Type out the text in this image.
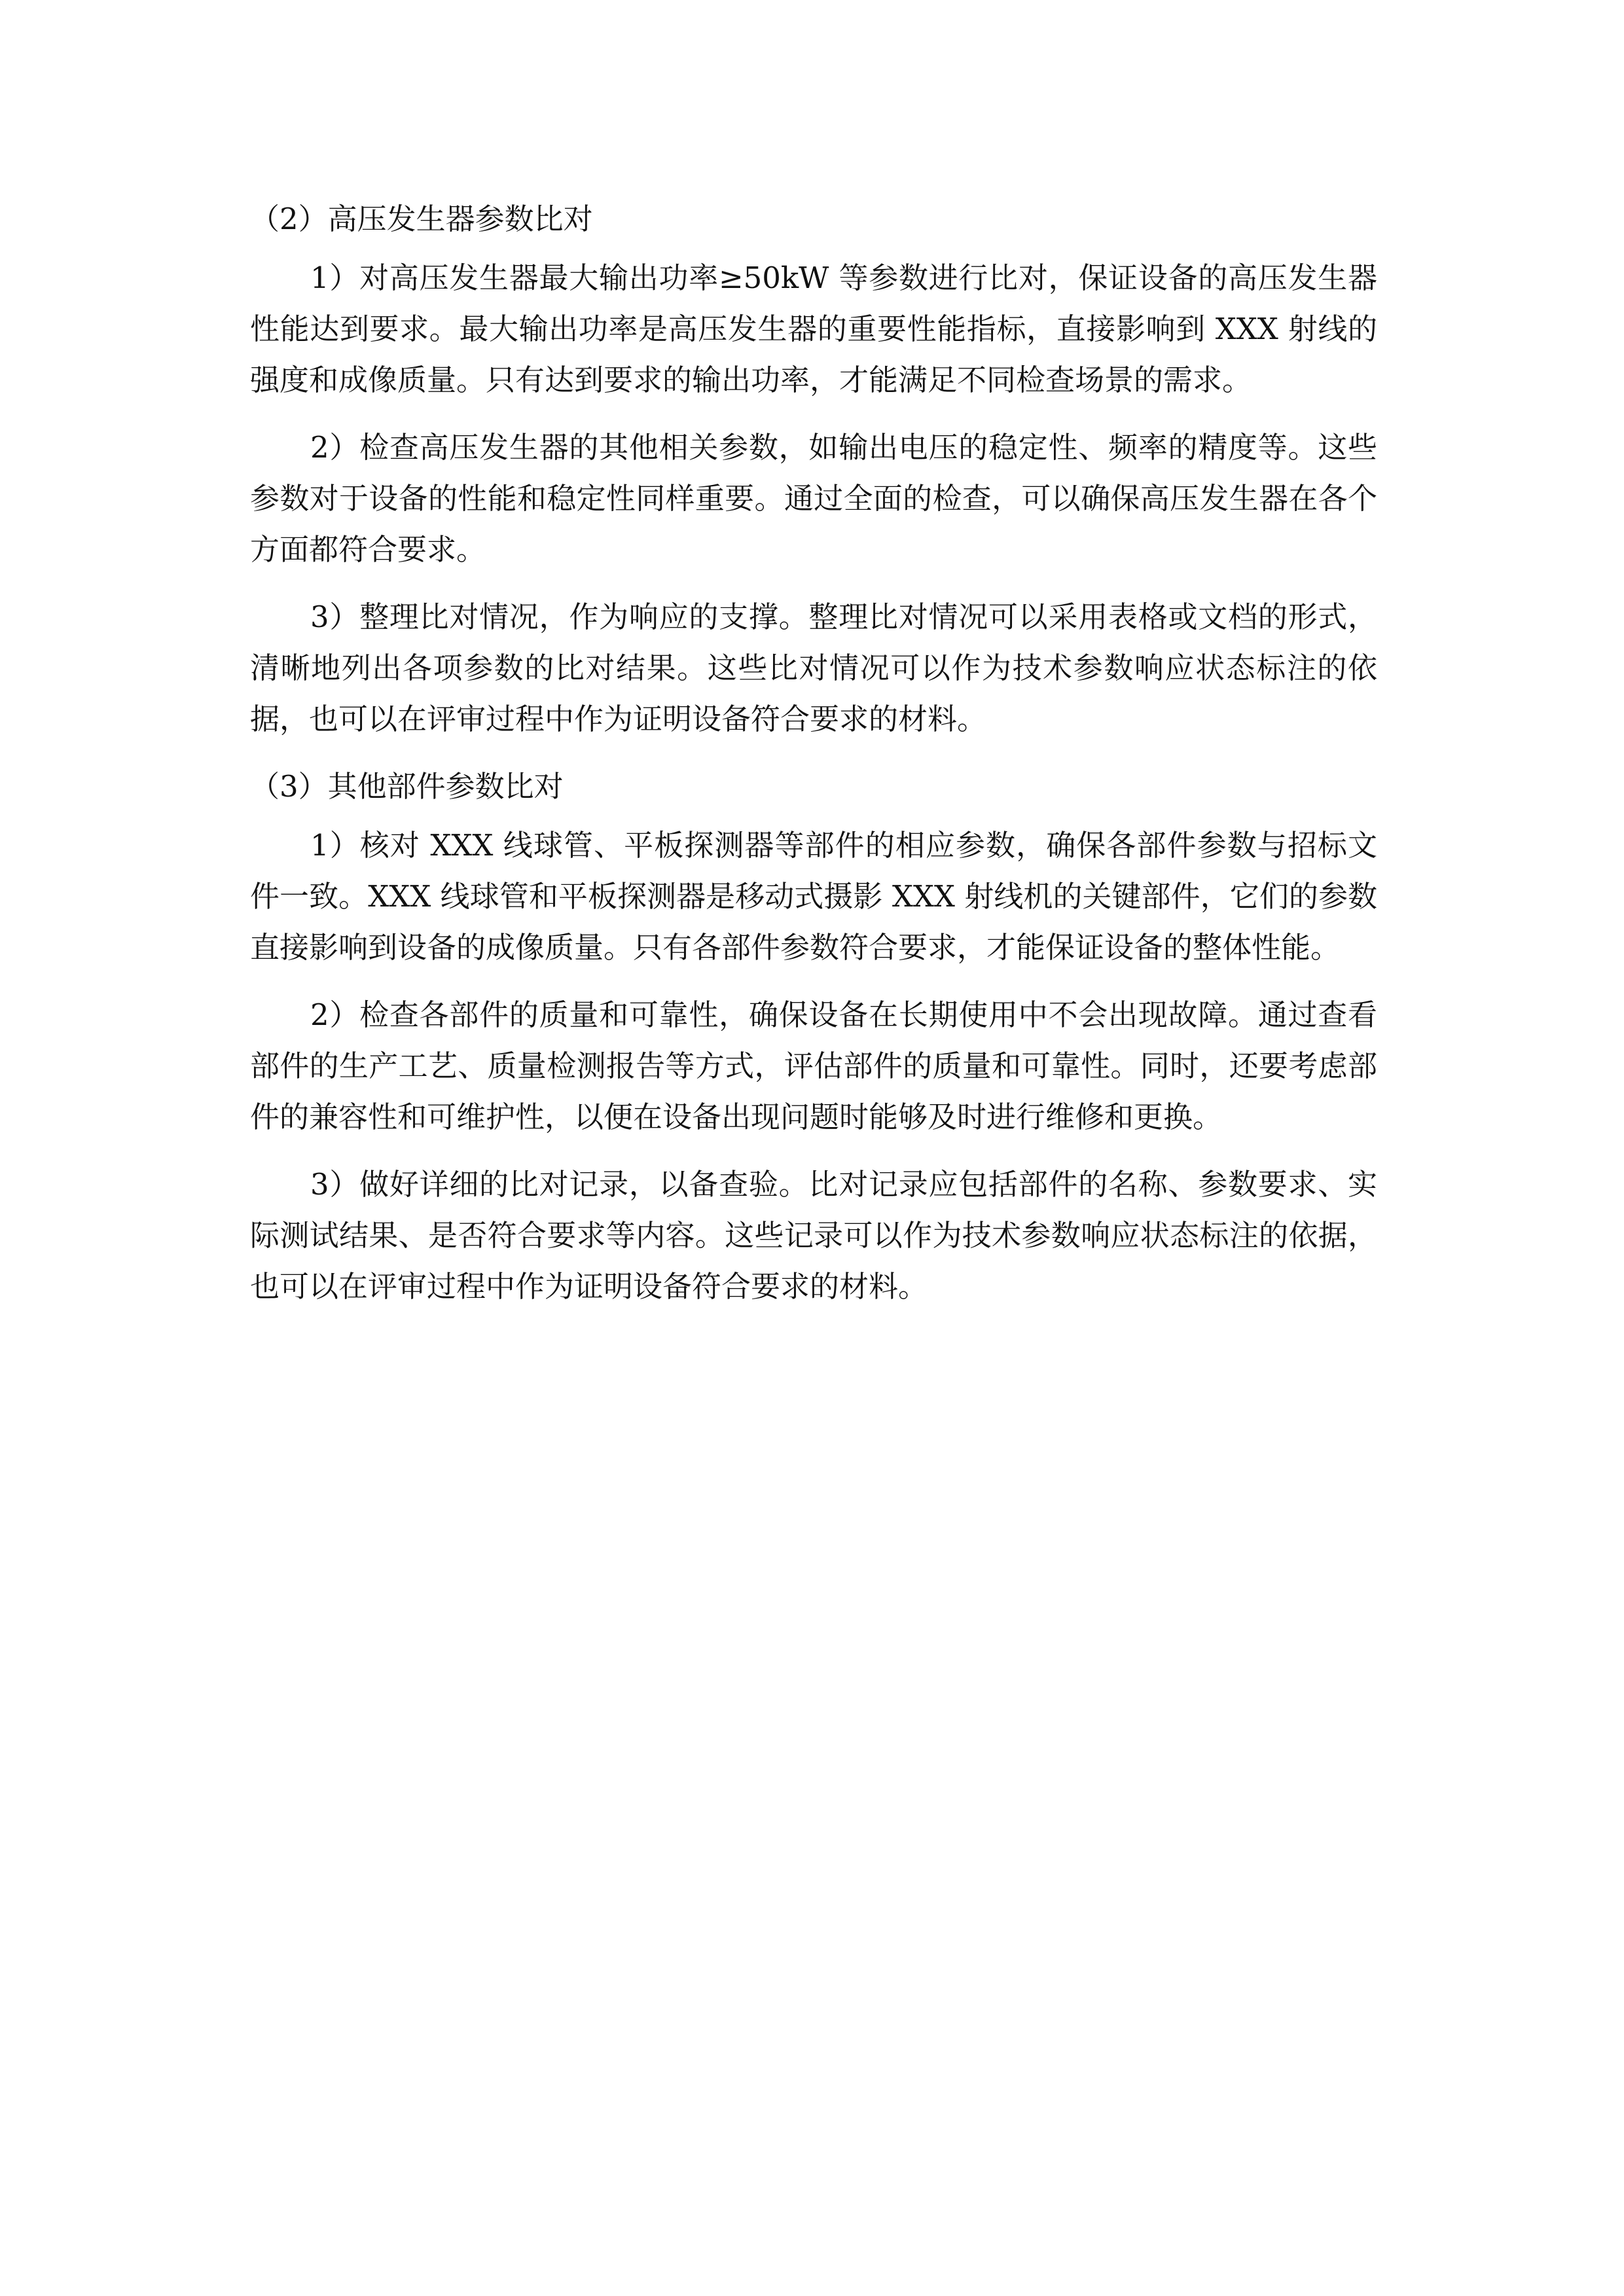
（2）高压发生器参数比对

1）对高压发生器最大输出功率≥50kW 等参数进行比对，保证设备的高压发生器性能达到要求。最大输出功率是高压发生器的重要性能指标，直接影响到 XXX 射线的强度和成像质量。只有达到要求的输出功率，才能满足不同检查场景的需求。

2）检查高压发生器的其他相关参数，如输出电压的稳定性、频率的精度等。这些参数对于设备的性能和稳定性同样重要。通过全面的检查，可以确保高压发生器在各个方面都符合要求。

3）整理比对情况，作为响应的支撑。整理比对情况可以采用表格或文档的形式，清晰地列出各项参数的比对结果。这些比对情况可以作为技术参数响应状态标注的依据，也可以在评审过程中作为证明设备符合要求的材料。

（3）其他部件参数比对

1）核对 XXX 线球管、平板探测器等部件的相应参数，确保各部件参数与招标文件一致。XXX 线球管和平板探测器是移动式摄影 XXX 射线机的关键部件，它们的参数直接影响到设备的成像质量。只有各部件参数符合要求，才能保证设备的整体性能。

2）检查各部件的质量和可靠性，确保设备在长期使用中不会出现故障。通过查看部件的生产工艺、质量检测报告等方式，评估部件的质量和可靠性。同时，还要考虑部件的兼容性和可维护性，以便在设备出现问题时能够及时进行维修和更换。

3）做好详细的比对记录，以备查验。比对记录应包括部件的名称、参数要求、实际测试结果、是否符合要求等内容。这些记录可以作为技术参数响应状态标注的依据，也可以在评审过程中作为证明设备符合要求的材料。
